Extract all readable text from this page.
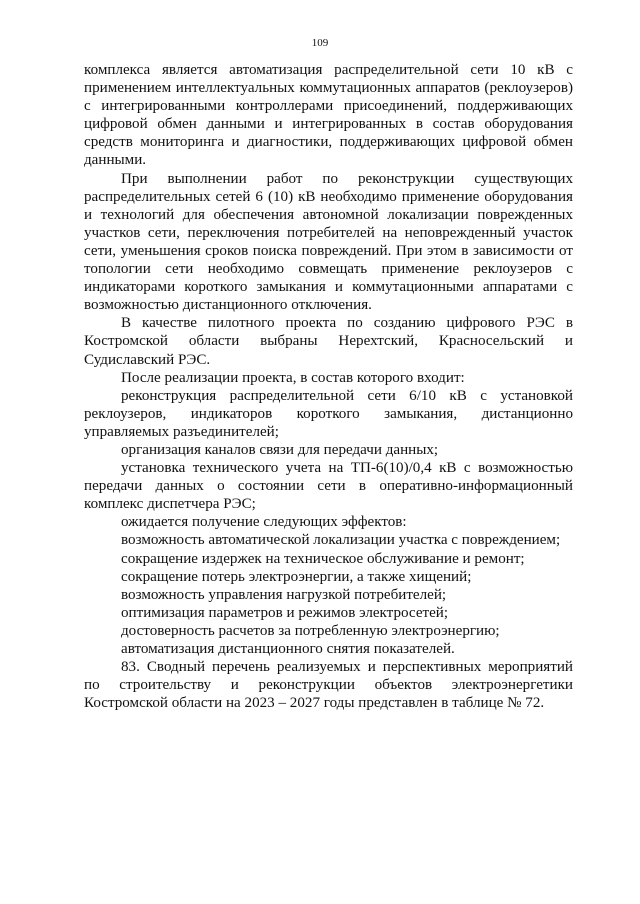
109

комплекса является автоматизация распределительной сети 10 кВ с применением интеллектуальных коммутационных аппаратов (реклоузеров) с интегрированными контроллерами присоединений, поддерживающих цифровой обмен данными и интегрированных в состав оборудования средств мониторинга и диагностики, поддерживающих цифровой обмен данными.

При выполнении работ по реконструкции существующих распределительных сетей 6 (10) кВ необходимо применение оборудования и технологий для обеспечения автономной локализации поврежденных участков сети, переключения потребителей на неповрежденный участок сети, уменьшения сроков поиска повреждений. При этом в зависимости от топологии сети необходимо совмещать применение реклоузеров с индикаторами короткого замыкания и коммутационными аппаратами с возможностью дистанционного отключения.

В качестве пилотного проекта по созданию цифрового РЭС в Костромской области выбраны Нерехтский, Красносельский и Судиславский РЭС.

После реализации проекта, в состав которого входит:

реконструкция распределительной сети 6/10 кВ с установкой реклоузеров, индикаторов короткого замыкания, дистанционно управляемых разъединителей;

организация каналов связи для передачи данных;

установка технического учета на ТП-6(10)/0,4 кВ с возможностью передачи данных о состоянии сети в оперативно-информационный комплекс диспетчера РЭС;

ожидается получение следующих эффектов:

возможность автоматической локализации участка с повреждением;

сокращение издержек на техническое обслуживание и ремонт;

сокращение потерь электроэнергии, а также хищений;

возможность управления нагрузкой потребителей;

оптимизация параметров и режимов электросетей;

достоверность расчетов за потребленную электроэнергию;

автоматизация дистанционного снятия показателей.

83. Сводный перечень реализуемых и перспективных мероприятий по строительству и реконструкции объектов электроэнергетики Костромской области на 2023 – 2027 годы представлен в таблице № 72.
